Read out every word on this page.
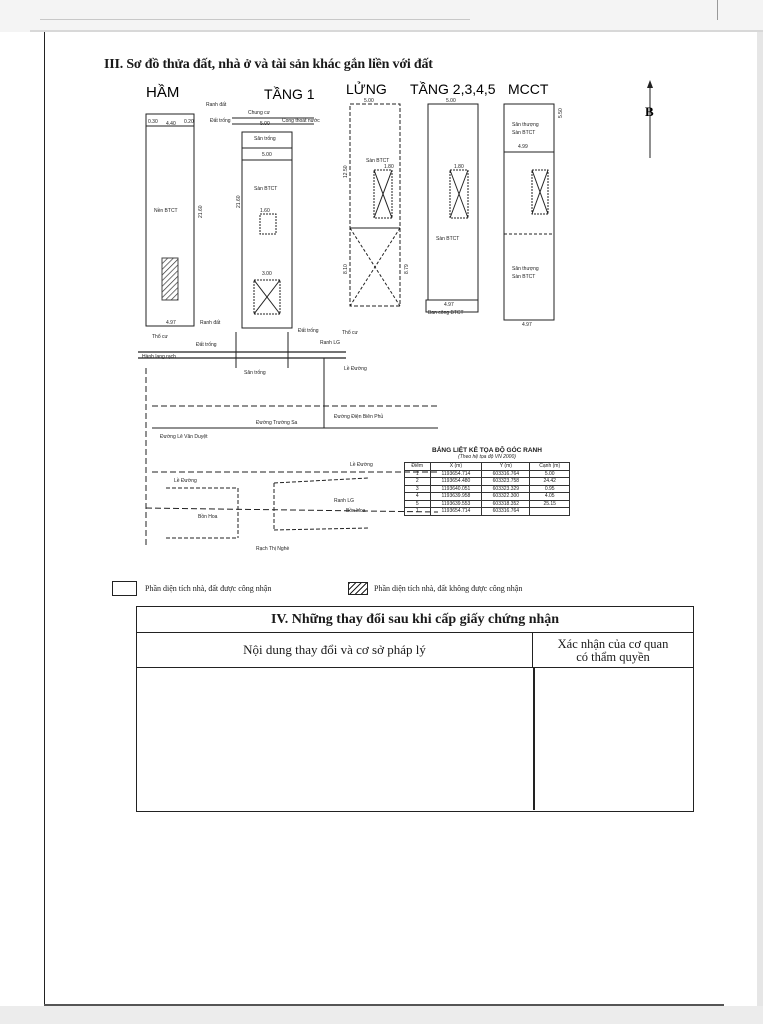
III. Sơ đồ thửa đất, nhà ở và tài sản khác gắn liền với đất
HẦM	TẦNG 1 LỬNG TẦNG 2,3,4,5 MCCT
Nền BTCT
Sàn BTCT
Sân trống
Chung cư
Cống thoát nước
Ranh đất
Ranh đất
Đất trống
Đất trống
Thổ cư
Thổ cư
Hành lang rạch
Đất trống	Ranh LG
Sân trống
Lề Đường
Đường Lê Văn Duyệt
Đường Trường Sa
Đường Điện Biên Phủ
Lề Đường
Lề Đường
Ranh LG
Bồn Hoa
Bồn Hoa
Rạch Thị Nghè
Sàn BTCT
Sàn BTCT
Ban công BTCT
Sân thượng
Sàn BTCT
Sân thượng
Sàn BTCT
5.00
5.00
5.00	5.00
4.40
4.97
4.97
4.97
3.00
0.30	0.20
4.99
1.80	1.80
1.60
21.60
21.60
12.50
8.10	8.79
5.50	B
BẢNG LIỆT KÊ TỌA ĐỘ GÓC RANH
(Theo hệ tọa độ VN 2000)
Điểm	X (m)	Y (m)	Cạnh (m)
1	1193654.714	603316.764	5.00
2	1193654.480	603323.758	24.42
3	1193640.051	603323.329	0.95
4	1193639.958	603322.300	4.05
5	1193639.553	603318.352	25.15
1	1193654.714	603316.764	
Phần diện tích nhà, đất được công nhận	Phần diện tích nhà, đất không được công nhận
IV. Những thay đổi sau khi cấp giấy chứng nhận
Nội dung thay đổi và cơ sở pháp lý	Xác nhận của cơ quan
có thẩm quyền
